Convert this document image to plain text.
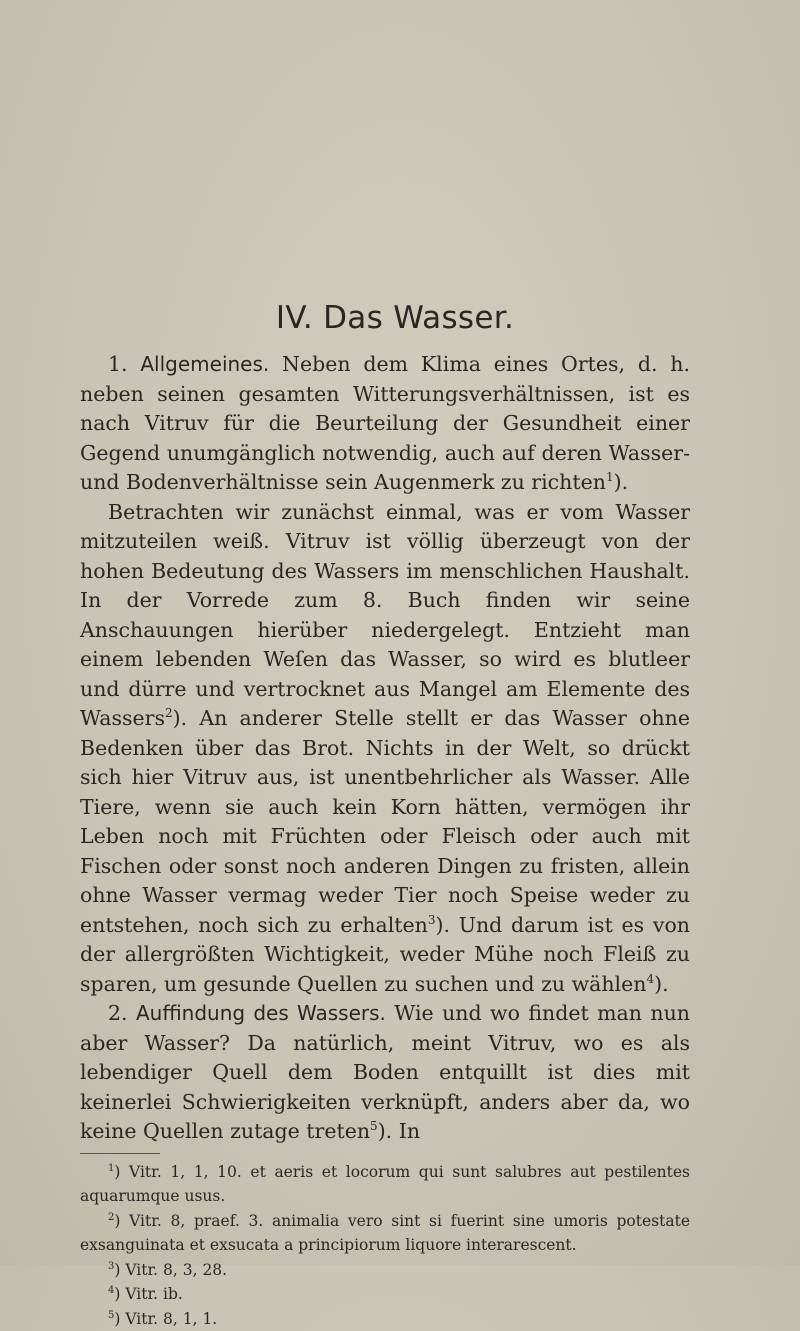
IV. Das Wasser.

1. Allgemeines. Neben dem Klima eines Ortes, d. h. neben seinen gesamten Witterungsverhältnissen, ist es nach Vitruv für die Beurteilung der Gesundheit einer Gegend unumgänglich notwendig, auch auf deren Wasser- und Bodenverhältnisse sein Augenmerk zu richten$^1$).

Betrachten wir zunächst einmal, was er vom Wasser mitzuteilen weiß. Vitruv ist völlig überzeugt von der hohen Bedeutung des Wassers im menschlichen Haushalt. In der Vorrede zum 8. Buch finden wir seine Anschauungen hierüber niedergelegt. Entzieht man einem lebenden Weſen das Wasser, so wird es blutleer und dürre und vertrocknet aus Mangel am Elemente des Wassers$^2$). An anderer Stelle stellt er das Wasser ohne Bedenken über das Brot. Nichts in der Welt, so drückt sich hier Vitruv aus, ist unentbehrlicher als Wasser. Alle Tiere, wenn sie auch kein Korn hätten, vermögen ihr Leben noch mit Früchten oder Fleisch oder auch mit Fischen oder sonst noch anderen Dingen zu fristen, allein ohne Wasser vermag weder Tier noch Speise weder zu entstehen, noch sich zu erhalten$^3$). Und darum ist es von der allergrößten Wichtigkeit, weder Mühe noch Fleiß zu sparen, um gesunde Quellen zu suchen und zu wählen$^4$).

2. Auffindung des Wassers. Wie und wo findet man nun aber Wasser? Da natürlich, meint Vitruv, wo es als lebendiger Quell dem Boden entquillt ist dies mit keinerlei Schwierigkeiten verknüpft, anders aber da, wo keine Quellen zutage treten$^5$). In

$^1$) Vitr. 1, 1, 10. et aeris et locorum qui sunt salubres aut pestilentes aquarumque usus.

$^2$) Vitr. 8, praef. 3. animalia vero sint si fuerint sine umoris potestate exsanguinata et exsucata a principiorum liquore interarescent.

$^3$) Vitr. 8, 3, 28.

$^4$) Vitr. ib.

$^5$) Vitr. 8, 1, 1.
